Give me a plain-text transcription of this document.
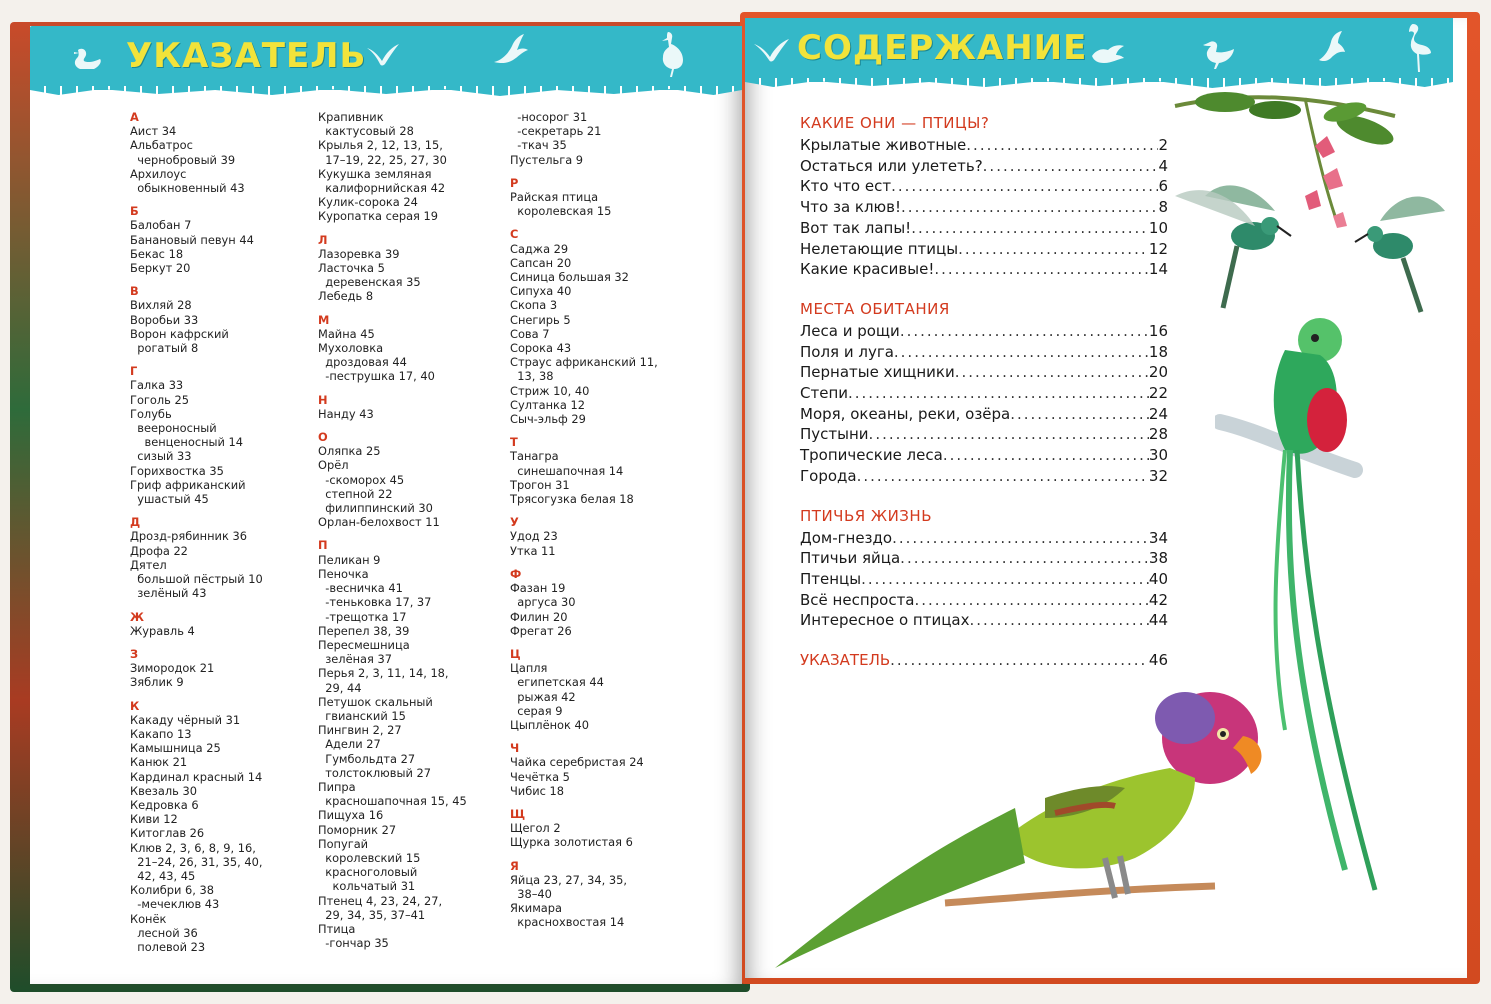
УКАЗАТЕЛЬ
А
Аист 34
Альбатрос
чернобровый 39
Архилоус
обыкновенный 43
Б
Балобан 7
Банановый певун 44
Бекас 18
Беркут 20
В
Вихляй 28
Воробьи 33
Ворон кафрский
рогатый 8
Г
Галка 33
Гоголь 25
Голубь
веероносный
венценосный 14
сизый 33
Горихвостка 35
Гриф африканский
ушастый 45
Д
Дрозд-рябинник 36
Дрофа 22
Дятел
большой пёстрый 10
зелёный 43
Ж
Журавль 4
З
Зимородок 21
Зяблик 9
К
Какаду чёрный 31
Какапо 13
Камышница 25
Канюк 21
Кардинал красный 14
Квезаль 30
Кедровка 6
Киви 12
Китоглав 26
Клюв 2, 3, 6, 8, 9, 16,
21–24, 26, 31, 35, 40,
42, 43, 45
Колибри 6, 38
-мечеклюв 43
Конёк
лесной 36
полевой 23
Крапивник
кактусовый 28
Крылья 2, 12, 13, 15,
17–19, 22, 25, 27, 30
Кукушка земляная
калифорнийская 42
Кулик-сорока 24
Куропатка серая 19
Л
Лазоревка 39
Ласточка 5
деревенская 35
Лебедь 8
М
Майна 45
Мухоловка
дроздовая 44
-пеструшка 17, 40
Н
Нанду 43
О
Оляпка 25
Орёл
-скоморох 45
степной 22
филиппинский 30
Орлан-белохвост 11
П
Пеликан 9
Пеночка
-весничка 41
-теньковка 17, 37
-трещотка 17
Перепел 38, 39
Пересмешница
зелёная 37
Перья 2, 3, 11, 14, 18,
29, 44
Петушок скальный
гвианский 15
Пингвин 2, 27
Адели 27
Гумбольдта 27
толстоклювый 27
Пипра
красношапочная 15, 45
Пищуха 16
Поморник 27
Попугай
королевский 15
красноголовый
кольчатый 31
Птенец 4, 23, 24, 27,
29, 34, 35, 37–41
Птица
-гончар 35
-носорог 31
-секретарь 21
-ткач 35
Пустельга 9
Р
Райская птица
королевская 15
С
Саджа 29
Сапсан 20
Синица большая 32
Сипуха 40
Скопа 3
Снегирь 5
Сова 7
Сорока 43
Страус африканский 11,
13, 38
Стриж 10, 40
Султанка 12
Сыч-эльф 29
Т
Танагра
синешапочная 14
Трогон 31
Трясогузка белая 18
У
Удод 23
Утка 11
Ф
Фазан 19
аргуса 30
Филин 20
Фрегат 26
Ц
Цапля
египетская 44
рыжая 42
серая 9
Цыплёнок 40
Ч
Чайка серебристая 24
Чечётка 5
Чибис 18
Щ
Щегол 2
Щурка золотистая 6
Я
Яйца 23, 27, 34, 35,
38–40
Якимара
краснохвостая 14
СОДЕРЖАНИЕ
КАКИЕ ОНИ — ПТИЦЫ?
Крылатые животные .....	2
Остаться или улететь? .....	4
Кто что ест .....	6
Что за клюв! .....	8
Вот так лапы! .....	10
Нелетающие птицы .....	12
Какие красивые! .....	14
МЕСТА ОБИТАНИЯ
Леса и рощи .....	16
Поля и луга .....	18
Пернатые хищники .....	20
Степи .....	22
Моря, океаны, реки, озёра .....	24
Пустыни .....	28
Тропические леса .....	30
Города .....	32
ПТИЧЬЯ ЖИЗНЬ
Дом-гнездо .....	34
Птичьи яйца .....	38
Птенцы .....	40
Всё неспроста .....	42
Интересное о птицах .....	44
УКАЗАТЕЛЬ .....	46
